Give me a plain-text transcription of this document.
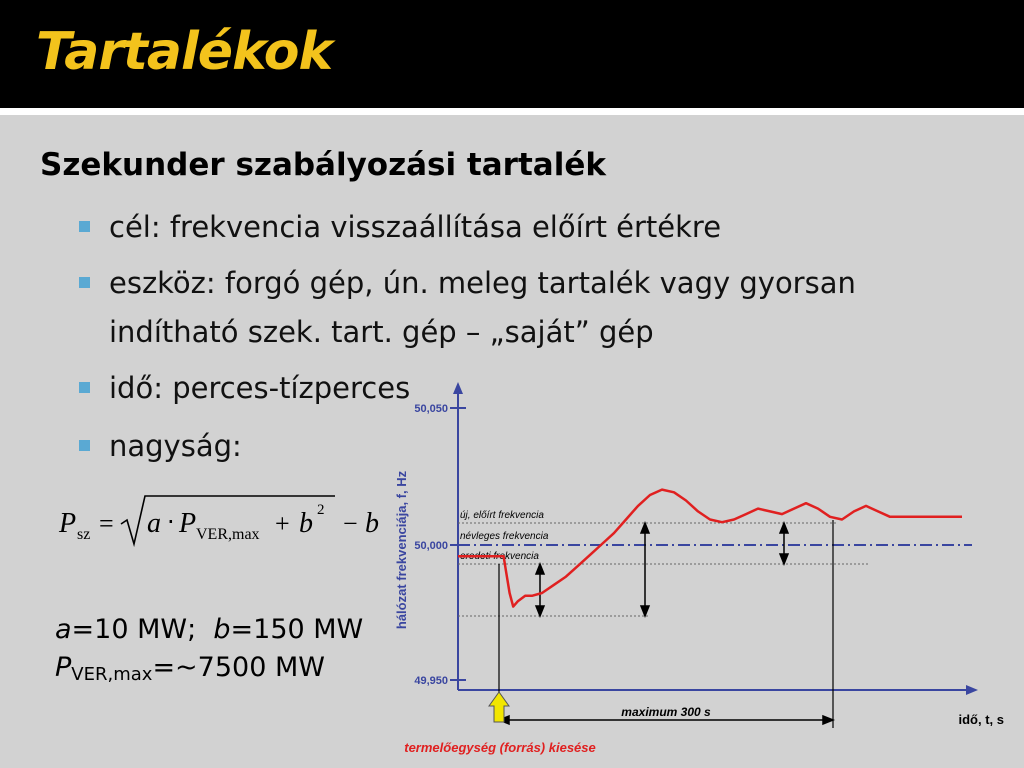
Tartalékok
Szekunder szabályozási tartalék
cél: frekvencia visszaállítása előírt értékre
eszköz: forgó gép, ún. meleg tartalék vagy gyorsan
indítható szek. tart. gép – „saját” gép
idő: perces-tízperces
nagyság:
P sz = a ⋅ P VER,max + b 2 − b
a=10 MW; b=150 MW
$P_{VER,max}=\sim 7500$ MW
50,050
50,000
49,950
hálózat frekvenciája, f, Hz	új, előírt frekvencia
névleges frekvencia
eredeti frekvencia
maximum 300 s	idő, t, s
termelőegység (forrás) kiesése
